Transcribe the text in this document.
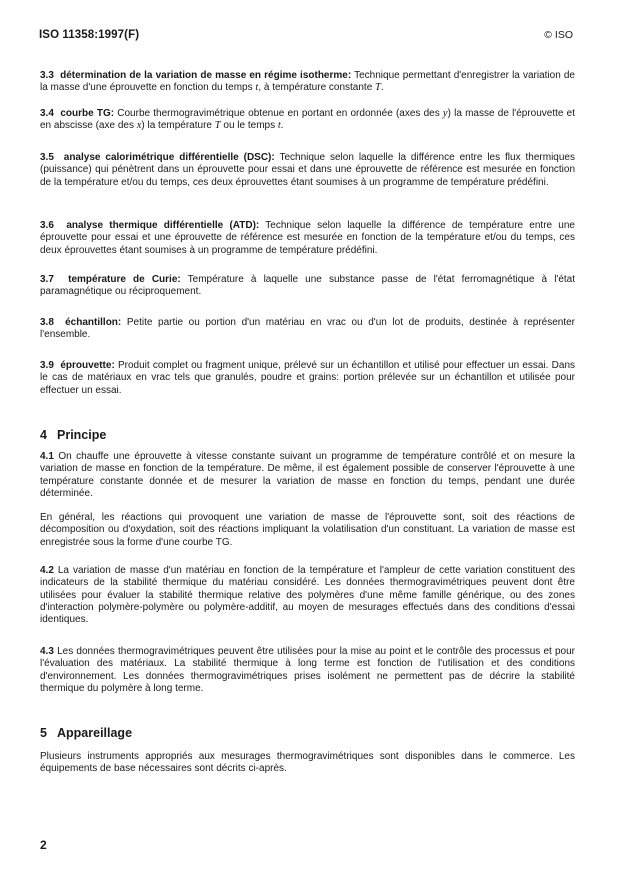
ISO 11358:1997(F)	© ISO

3.3 détermination de la variation de masse en régime isotherme: Technique permettant d'enregistrer la variation de la masse d'une éprouvette en fonction du temps t, à température constante T.

3.4 courbe TG: Courbe thermogravimétrique obtenue en portant en ordonnée (axes des y) la masse de l'éprouvette et en abscisse (axe des x) la température T ou le temps t.

3.5 analyse calorimétrique différentielle (DSC): Technique selon laquelle la différence entre les flux thermiques (puissance) qui pénètrent dans un éprouvette pour essai et dans une éprouvette de référence est mesurée en fonction de la température et/ou du temps, ces deux éprouvettes étant soumises à un programme de température prédéfini.

3.6 analyse thermique différentielle (ATD): Technique selon laquelle la différence de température entre une éprouvette pour essai et une éprouvette de référence est mesurée en fonction de la température et/ou du temps, ces deux éprouvettes étant soumises à un programme de température prédéfini.

3.7 température de Curie: Température à laquelle une substance passe de l'état ferromagnétique à l'état paramagnétique ou réciproquement.

3.8 échantillon: Petite partie ou portion d'un matériau en vrac ou d'un lot de produits, destinée à représenter l'ensemble.

3.9 éprouvette: Produit complet ou fragment unique, prélevé sur un échantillon et utilisé pour effectuer un essai. Dans le cas de matériaux en vrac tels que granulés, poudre et grains: portion prélevée sur un échantillon et utilisée pour effectuer un essai.

4 Principe

4.1 On chauffe une éprouvette à vitesse constante suivant un programme de température contrôlé et on mesure la variation de masse en fonction de la température. De même, il est également possible de conserver l'éprouvette à une température constante donnée et de mesurer la variation de masse en fonction du temps, pendant une durée déterminée.

En général, les réactions qui provoquent une variation de masse de l'éprouvette sont, soit des réactions de décomposition ou d'oxydation, soit des réactions impliquant la volatilisation d'un constituant. La variation de masse est enregistrée sous la forme d'une courbe TG.

4.2 La variation de masse d'un matériau en fonction de la température et l'ampleur de cette variation constituent des indicateurs de la stabilité thermique du matériau considéré. Les données thermogravimétriques peuvent dont être utilisées pour évaluer la stabilité thermique relative des polymères d'une même famille générique, ou des zones d'interaction polymère-polymère ou polymère-additif, au moyen de mesurages effectués dans des conditions d'essai identiques.

4.3 Les données thermogravimétriques peuvent être utilisées pour la mise au point et le contrôle des processus et pour l'évaluation des matériaux. La stabilité thermique à long terme est fonction de l'utilisation et des conditions d'environnement. Les données thermogravimétriques prises isolément ne permettent pas de décrire la stabilité thermique du polymère à long terme.

5 Appareillage

Plusieurs instruments appropriés aux mesurages thermogravimétriques sont disponibles dans le commerce. Les équipements de base nécessaires sont décrits ci-après.

2
